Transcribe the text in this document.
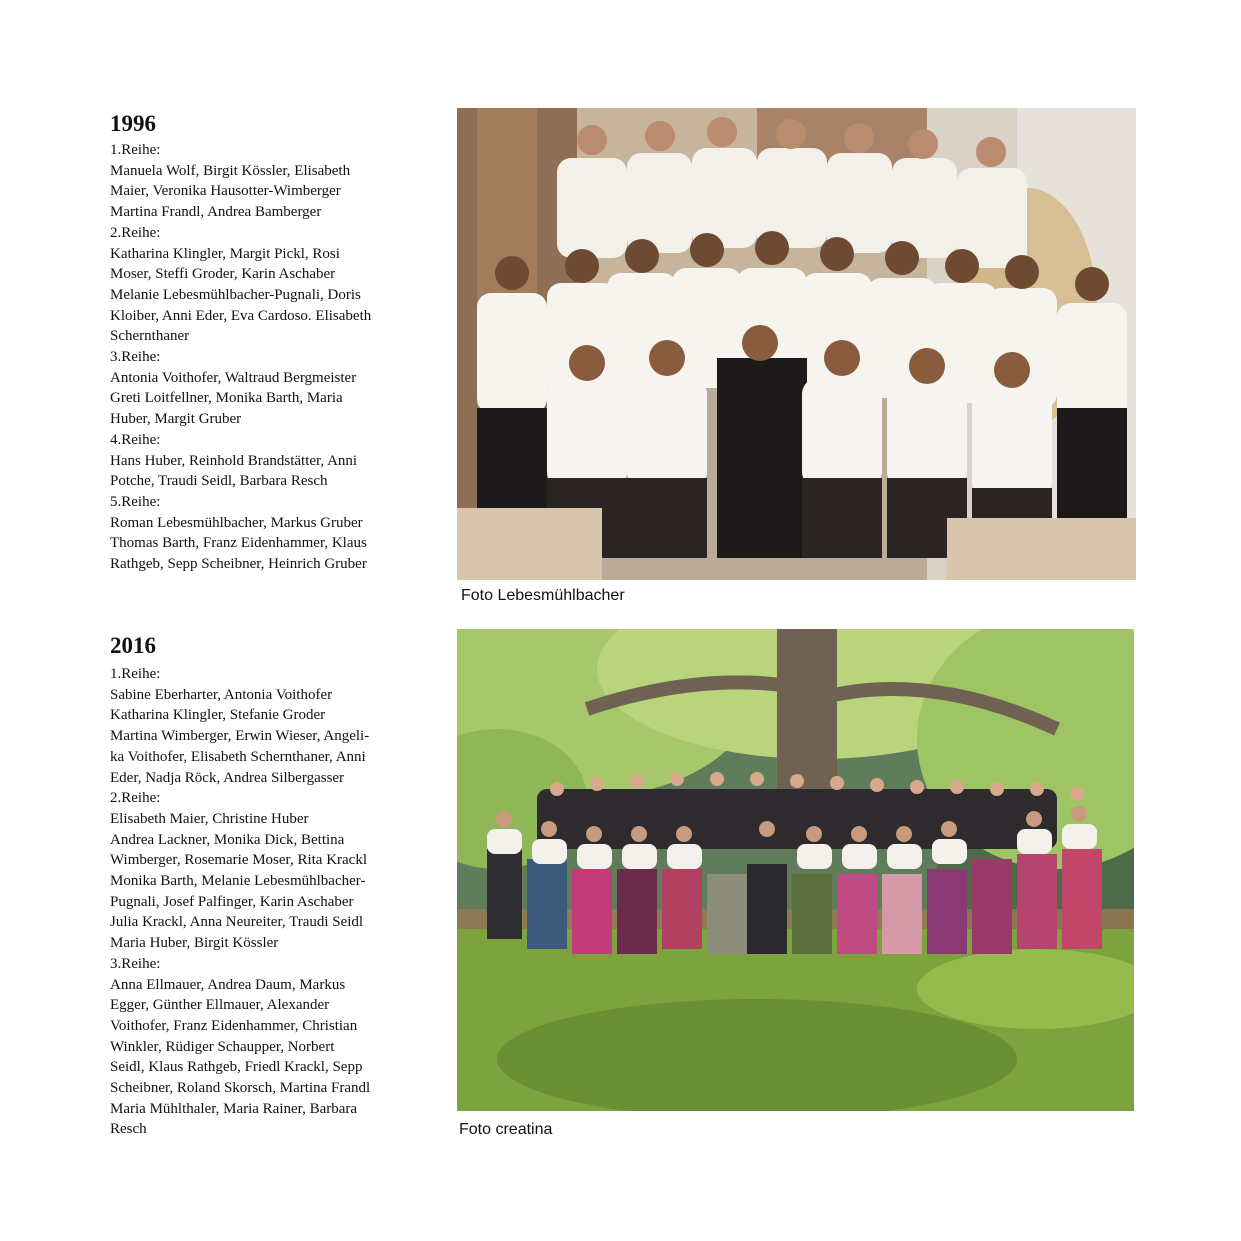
1996
1.Reihe:
Manuela Wolf, Birgit Kössler, Elisabeth
Maier, Veronika Hausotter-Wimberger
Martina Frandl, Andrea Bamberger
2.Reihe:
Katharina Klingler, Margit Pickl, Rosi
Moser, Steffi Groder, Karin Aschaber
Melanie Lebesmühlbacher-Pugnali, Doris
Kloiber, Anni Eder, Eva Cardoso. Elisabeth
Schernthaner
3.Reihe:
Antonia Voithofer, Waltraud Bergmeister
Greti Loitfellner, Monika Barth, Maria
Huber, Margit Gruber
4.Reihe:
Hans Huber, Reinhold Brandstätter, Anni
Potche, Traudi Seidl, Barbara Resch
5.Reihe:
Roman Lebesmühlbacher, Markus Gruber
Thomas Barth, Franz Eidenhammer, Klaus
Rathgeb, Sepp Scheibner, Heinrich Gruber
Foto Lebesmühlbacher
2016
1.Reihe:
Sabine Eberharter, Antonia Voithofer
Katharina Klingler, Stefanie Groder
Martina Wimberger, Erwin Wieser, Angeli-
ka Voithofer, Elisabeth Schernthaner, Anni
Eder, Nadja Röck, Andrea Silbergasser
2.Reihe:
Elisabeth Maier, Christine Huber
Andrea Lackner, Monika Dick, Bettina
Wimberger, Rosemarie Moser, Rita Krackl
Monika Barth, Melanie Lebesmühlbacher-
Pugnali, Josef Palfinger, Karin Aschaber
Julia Krackl, Anna Neureiter, Traudi Seidl
Maria Huber, Birgit Kössler
3.Reihe:
Anna Ellmauer, Andrea Daum, Markus
Egger, Günther Ellmauer, Alexander
Voithofer, Franz Eidenhammer, Christian
Winkler, Rüdiger Schaupper, Norbert
Seidl, Klaus Rathgeb, Friedl Krackl, Sepp
Scheibner, Roland Skorsch, Martina Frandl
Maria Mühlthaler, Maria Rainer, Barbara
Resch	Foto creatina
